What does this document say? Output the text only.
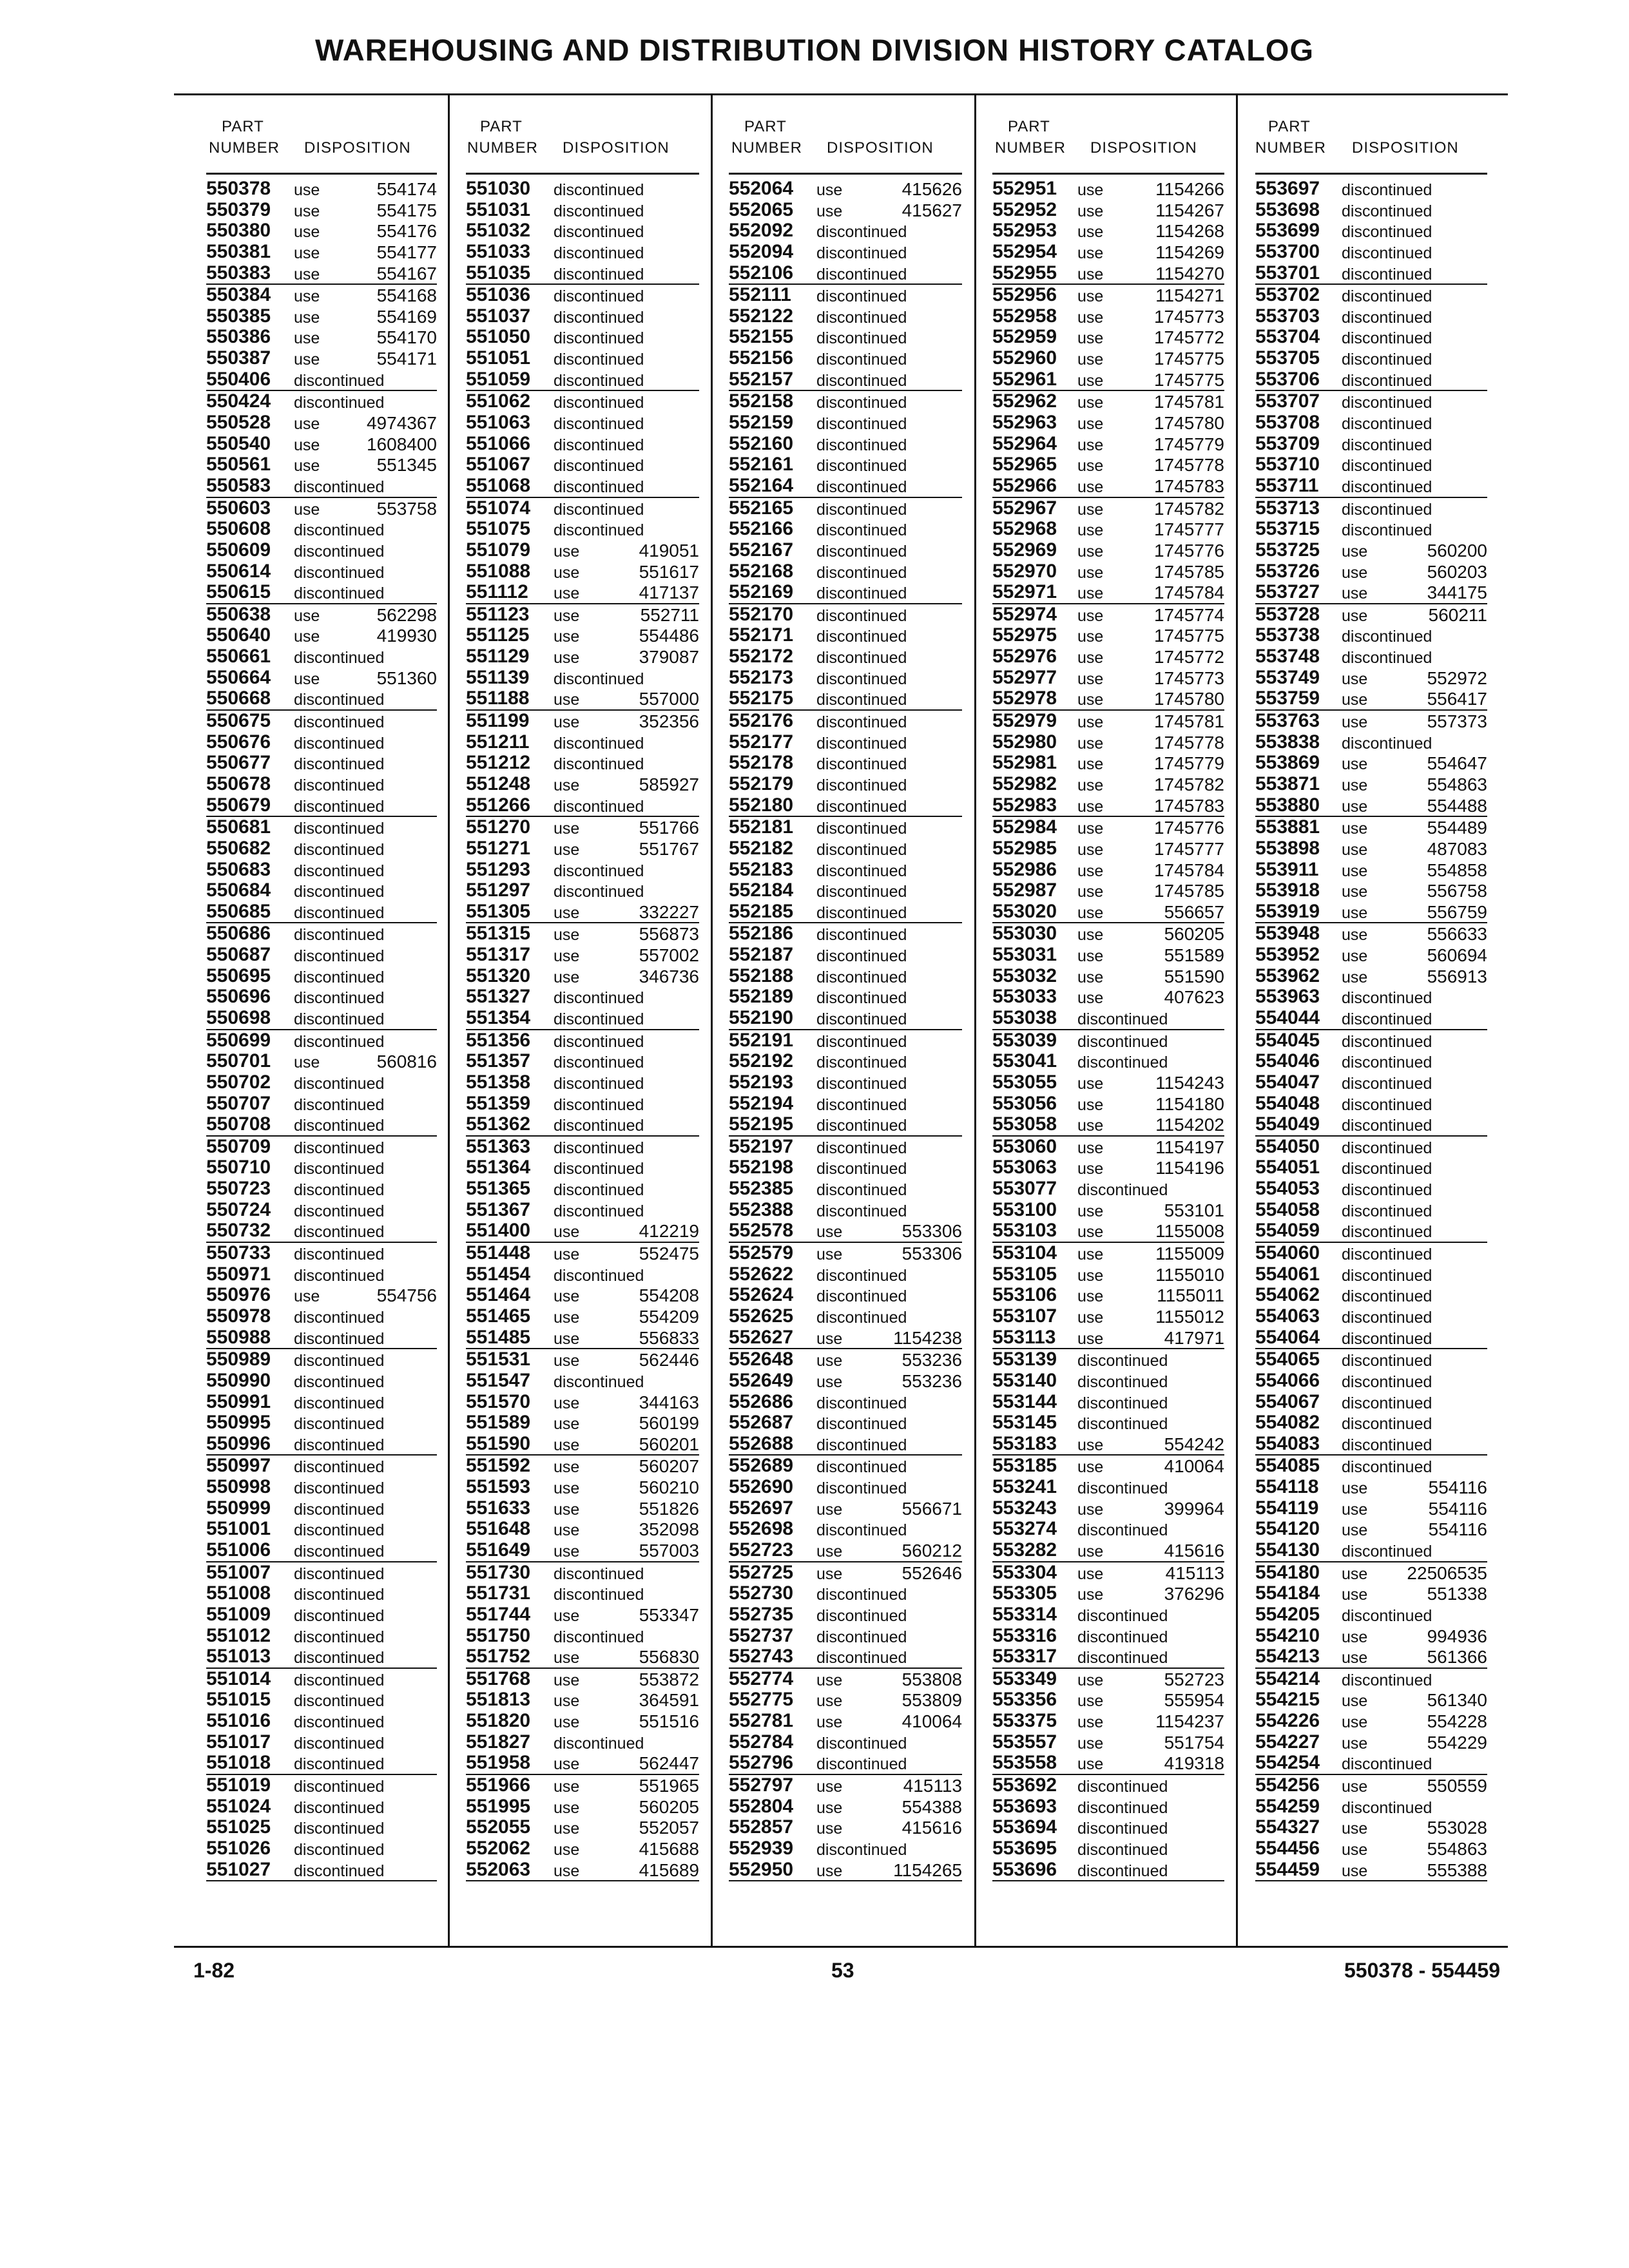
WAREHOUSING AND DISTRIBUTION DIVISION HISTORY CATALOG
PART
NUMBER DISPOSITION
550378 use	554174
550379 use	554175
550380 use	554176
550381 use	554177
550383 use	554167
550384 use	554168
550385 use	554169
550386 use	554170
550387 use	554171
550406 discontinued
550424 discontinued
550528 use	4974367
550540 use	1608400
550561 use	551345
550583 discontinued
550603 use	553758
550608 discontinued
550609 discontinued
550614 discontinued
550615 discontinued
550638 use	562298
550640 use	419930
550661 discontinued
550664 use	551360
550668 discontinued
550675 discontinued
550676 discontinued
550677 discontinued
550678 discontinued
550679 discontinued
550681 discontinued
550682 discontinued
550683 discontinued
550684 discontinued
550685 discontinued
550686 discontinued
550687 discontinued
550695 discontinued
550696 discontinued
550698 discontinued
550699 discontinued
550701 use	560816
550702 discontinued
550707 discontinued
550708 discontinued
550709 discontinued
550710 discontinued
550723 discontinued
550724 discontinued
550732 discontinued
550733 discontinued
550971 discontinued
550976 use	554756
550978 discontinued
550988 discontinued
550989 discontinued
550990 discontinued
550991 discontinued
550995 discontinued
550996 discontinued
550997 discontinued
550998 discontinued
550999 discontinued
551001 discontinued
551006 discontinued
551007 discontinued
551008 discontinued
551009 discontinued
551012 discontinued
551013 discontinued
551014 discontinued
551015 discontinued
551016 discontinued
551017 discontinued
551018 discontinued
551019 discontinued
551024 discontinued
551025 discontinued
551026 discontinued
551027 discontinued
PART
NUMBER DISPOSITION
551030 discontinued
551031 discontinued
551032 discontinued
551033 discontinued
551035 discontinued
551036 discontinued
551037 discontinued
551050 discontinued
551051 discontinued
551059 discontinued
551062 discontinued
551063 discontinued
551066 discontinued
551067 discontinued
551068 discontinued
551074 discontinued
551075 discontinued
551079 use	419051
551088 use	551617
551112 use	417137
551123 use	552711
551125 use	554486
551129 use	379087
551139 discontinued
551188 use	557000
551199 use	352356
551211 discontinued
551212 discontinued
551248 use	585927
551266 discontinued
551270 use	551766
551271 use	551767
551293 discontinued
551297 discontinued
551305 use	332227
551315 use	556873
551317 use	557002
551320 use	346736
551327 discontinued
551354 discontinued
551356 discontinued
551357 discontinued
551358 discontinued
551359 discontinued
551362 discontinued
551363 discontinued
551364 discontinued
551365 discontinued
551367 discontinued
551400 use	412219
551448 use	552475
551454 discontinued
551464 use	554208
551465 use	554209
551485 use	556833
551531 use	562446
551547 discontinued
551570 use	344163
551589 use	560199
551590 use	560201
551592 use	560207
551593 use	560210
551633 use	551826
551648 use	352098
551649 use	557003
551730 discontinued
551731 discontinued
551744 use	553347
551750 discontinued
551752 use	556830
551768 use	553872
551813 use	364591
551820 use	551516
551827 discontinued
551958 use	562447
551966 use	551965
551995 use	560205
552055 use	552057
552062 use	415688
552063 use	415689
PART
NUMBER DISPOSITION
552064 use	415626
552065 use	415627
552092 discontinued
552094 discontinued
552106 discontinued
552111 discontinued
552122 discontinued
552155 discontinued
552156 discontinued
552157 discontinued
552158 discontinued
552159 discontinued
552160 discontinued
552161 discontinued
552164 discontinued
552165 discontinued
552166 discontinued
552167 discontinued
552168 discontinued
552169 discontinued
552170 discontinued
552171 discontinued
552172 discontinued
552173 discontinued
552175 discontinued
552176 discontinued
552177 discontinued
552178 discontinued
552179 discontinued
552180 discontinued
552181 discontinued
552182 discontinued
552183 discontinued
552184 discontinued
552185 discontinued
552186 discontinued
552187 discontinued
552188 discontinued
552189 discontinued
552190 discontinued
552191 discontinued
552192 discontinued
552193 discontinued
552194 discontinued
552195 discontinued
552197 discontinued
552198 discontinued
552385 discontinued
552388 discontinued
552578 use	553306
552579 use	553306
552622 discontinued
552624 discontinued
552625 discontinued
552627 use	1154238
552648 use	553236
552649 use	553236
552686 discontinued
552687 discontinued
552688 discontinued
552689 discontinued
552690 discontinued
552697 use	556671
552698 discontinued
552723 use	560212
552725 use	552646
552730 discontinued
552735 discontinued
552737 discontinued
552743 discontinued
552774 use	553808
552775 use	553809
552781 use	410064
552784 discontinued
552796 discontinued
552797 use	415113
552804 use	554388
552857 use	415616
552939 discontinued
552950 use	1154265
PART
NUMBER DISPOSITION
552951 use	1154266
552952 use	1154267
552953 use	1154268
552954 use	1154269
552955 use	1154270
552956 use	1154271
552958 use	1745773
552959 use	1745772
552960 use	1745775
552961 use	1745775
552962 use	1745781
552963 use	1745780
552964 use	1745779
552965 use	1745778
552966 use	1745783
552967 use	1745782
552968 use	1745777
552969 use	1745776
552970 use	1745785
552971 use	1745784
552974 use	1745774
552975 use	1745775
552976 use	1745772
552977 use	1745773
552978 use	1745780
552979 use	1745781
552980 use	1745778
552981 use	1745779
552982 use	1745782
552983 use	1745783
552984 use	1745776
552985 use	1745777
552986 use	1745784
552987 use	1745785
553020 use	556657
553030 use	560205
553031 use	551589
553032 use	551590
553033 use	407623
553038 discontinued
553039 discontinued
553041 discontinued
553055 use	1154243
553056 use	1154180
553058 use	1154202
553060 use	1154197
553063 use	1154196
553077 discontinued
553100 use	553101
553103 use	1155008
553104 use	1155009
553105 use	1155010
553106 use	1155011
553107 use	1155012
553113 use	417971
553139 discontinued
553140 discontinued
553144 discontinued
553145 discontinued
553183 use	554242
553185 use	410064
553241 discontinued
553243 use	399964
553274 discontinued
553282 use	415616
553304 use	415113
553305 use	376296
553314 discontinued
553316 discontinued
553317 discontinued
553349 use	552723
553356 use	555954
553375 use	1154237
553557 use	551754
553558 use	419318
553692 discontinued
553693 discontinued
553694 discontinued
553695 discontinued
553696 discontinued
PART
NUMBER DISPOSITION
553697 discontinued
553698 discontinued
553699 discontinued
553700 discontinued
553701 discontinued
553702 discontinued
553703 discontinued
553704 discontinued
553705 discontinued
553706 discontinued
553707 discontinued
553708 discontinued
553709 discontinued
553710 discontinued
553711 discontinued
553713 discontinued
553715 discontinued
553725 use	560200
553726 use	560203
553727 use	344175
553728 use	560211
553738 discontinued
553748 discontinued
553749 use	552972
553759 use	556417
553763 use	557373
553838 discontinued
553869 use	554647
553871 use	554863
553880 use	554488
553881 use	554489
553898 use	487083
553911 use	554858
553918 use	556758
553919 use	556759
553948 use	556633
553952 use	560694
553962 use	556913
553963 discontinued
554044 discontinued
554045 discontinued
554046 discontinued
554047 discontinued
554048 discontinued
554049 discontinued
554050 discontinued
554051 discontinued
554053 discontinued
554058 discontinued
554059 discontinued
554060 discontinued
554061 discontinued
554062 discontinued
554063 discontinued
554064 discontinued
554065 discontinued
554066 discontinued
554067 discontinued
554082 discontinued
554083 discontinued
554085 discontinued
554118 use	554116
554119 use	554116
554120 use	554116
554130 discontinued
554180 use 22506535
554184 use	551338
554205 discontinued
554210 use	994936
554213 use	561366
554214 discontinued
554215 use	561340
554226 use	554228
554227 use	554229
554254 discontinued
554256 use	550559
554259 discontinued
554327 use	553028
554456 use	554863
554459 use	555388
1-82	53	550378 - 554459
